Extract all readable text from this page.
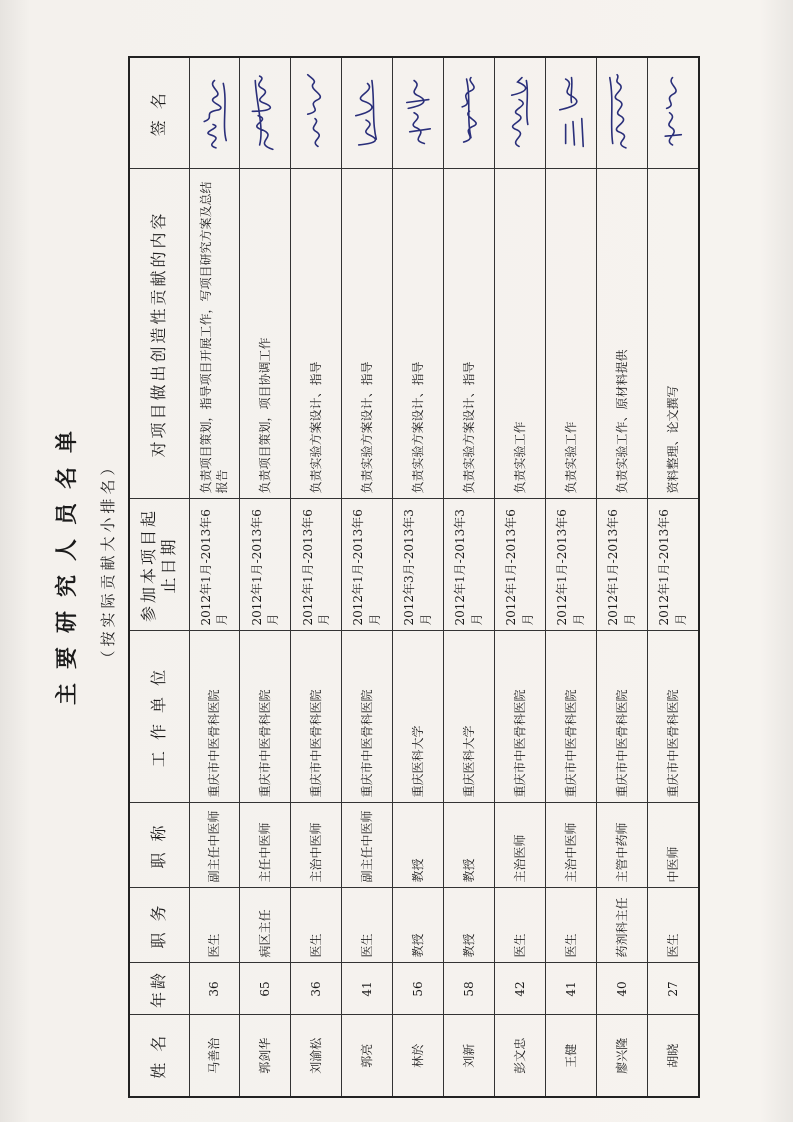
主要研究人员名单 （按实际贡献大小排名）
姓 名	年龄	职 务	职 称	工 作 单 位	参加本项目起止日期	对项目做出创造性贡献的内容	签 名
马善治	36	医生	副主任中医师	重庆市中医骨科医院	2012年1月-2013年6月	负责项目策划，指导项目开展工作，写项目研究方案及总结报告	

郭剑华	65	病区主任	主任中医师	重庆市中医骨科医院	2012年1月-2013年6月	负责项目策划，项目协调工作	

刘渝松	36	医生	主治中医师	重庆市中医骨科医院	2012年1月-2013年6月	负责实验方案设计、指导	

郭亮	41	医生	副主任中医师	重庆市中医骨科医院	2012年1月-2013年6月	负责实验方案设计、指导	

林於	56	教授	教授	重庆医科大学	2012年3月-2013年3月	负责实验方案设计、指导	

刘新	58	教授	教授	重庆医科大学	2012年1月-2013年3月	负责实验方案设计、指导	

彭文忠	42	医生	主治医师	重庆市中医骨科医院	2012年1月-2013年6月	负责实验工作	

王健	41	医生	主治中医师	重庆市中医骨科医院	2012年1月-2013年6月	负责实验工作	

廖兴隆	40	药剂科主任	主管中药师	重庆市中医骨科医院	2012年1月-2013年6月	负责实验工作、原材料提供	

胡晓	27	医生	中医师	重庆市中医骨科医院	2012年1月-2013年6月	资料整理、论文撰写	
